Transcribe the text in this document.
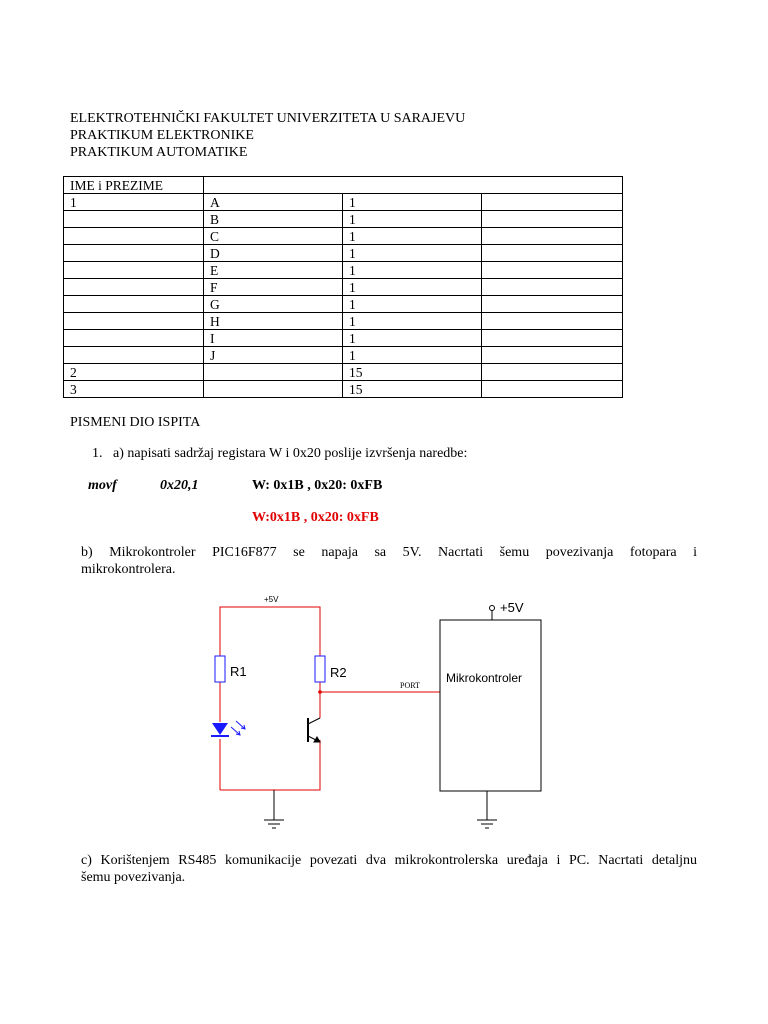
ELEKTROTEHNIČKI FAKULTET UNIVERZITETA U SARAJEVU
PRAKTIKUM ELEKTRONIKE
PRAKTIKUM AUTOMATIKE
IME i PREZIME			
1	A	1	
	B	1	
	C	1	
	D	1	
	E	1	
	F	1	
	G	1	
	H	1	
	I	1	
	J	1	
2		15	
3		15	
PISMENI DIO ISPITA
1. a) napisati sadržaj registara W i 0x20 poslije izvršenja naredbe:
movf	0x20,1	W: 0x1B , 0x20: 0xFB
W:0x1B , 0x20: 0xFB
b) Mikrokontroler PIC16F877 se napaja sa 5V. Nacrtati šemu povezivanja fotopara i
mikrokontrolera.
+5V
+5V
R1	R2
PORT
Mikrokontroler
c) Korištenjem RS485 komunikacije povezati dva mikrokontrolerska uređaja i PC. Nacrtati detaljnu
šemu povezivanja.
